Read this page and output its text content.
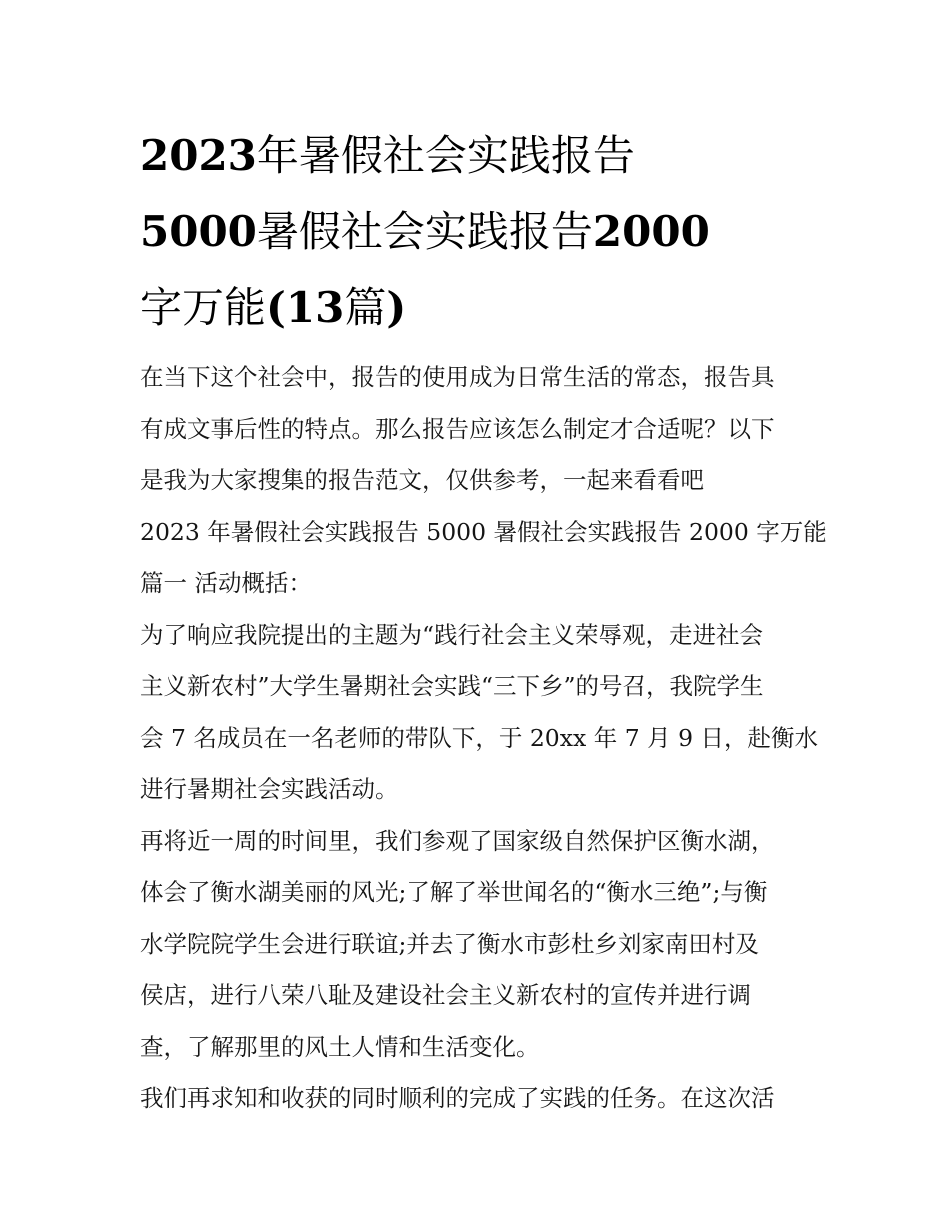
2023年暑假社会实践报告
5000暑假社会实践报告2000
字万能(13篇)

在当下这个社会中，报告的使用成为日常生活的常态，报告具
有成文事后性的特点。那么报告应该怎么制定才合适呢？以下
是我为大家搜集的报告范文，仅供参考，一起来看看吧

2023 年暑假社会实践报告 5000 暑假社会实践报告 2000 字万能
篇一 活动概括：

为了响应我院提出的主题为“践行社会主义荣辱观，走进社会
主义新农村”大学生暑期社会实践“三下乡”的号召，我院学生
会 7 名成员在一名老师的带队下，于 20xx 年 7 月 9 日，赴衡水
进行暑期社会实践活动。

再将近一周的时间里，我们参观了国家级自然保护区衡水湖，
体会了衡水湖美丽的风光;了解了举世闻名的“衡水三绝”;与衡
水学院院学生会进行联谊;并去了衡水市彭杜乡刘家南田村及
侯店，进行八荣八耻及建设社会主义新农村的宣传并进行调
查，了解那里的风土人情和生活变化。

我们再求知和收获的同时顺利的完成了实践的任务。在这次活
